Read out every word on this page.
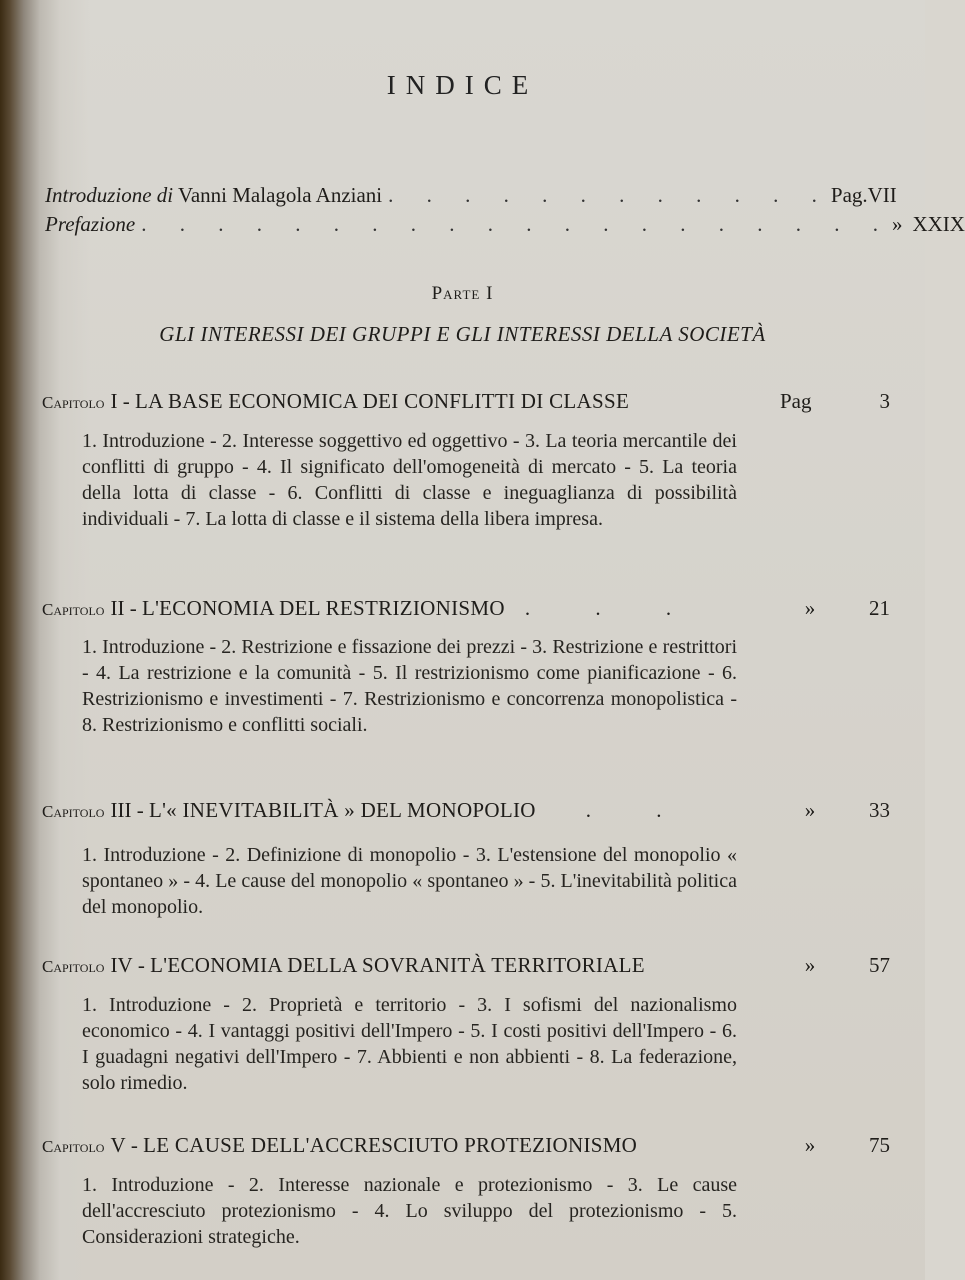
INDICE
Introduzione di Vanni Malagola Anziani . . . . . . . . . . . . Pag. VII
Prefazione . . . . . . . . . . . . . . . . . . . . » XXIX
Parte I
GLI INTERESSI DEI GRUPPI E GLI INTERESSI DELLA SOCIETÀ
Capitolo I - LA BASE ECONOMICA DEI CONFLITTI DI CLASSE	Pag	3
1. Introduzione - 2. Interesse soggettivo ed oggettivo - 3. La teoria mercantile dei conflitti di gruppo - 4. Il significato dell'omogeneità di mercato - 5. La teoria della lotta di classe - 6. Conflitti di classe e ineguaglianza di possibilità individuali - 7. La lotta di classe e il sistema della libera impresa.
Capitolo II - L'ECONOMIA DEL RESTRIZIONISMO . . .	»	21
1. Introduzione - 2. Restrizione e fissazione dei prezzi - 3. Restrizione e restrittori - 4. La restrizione e la comunità - 5. Il restrizionismo come pianificazione - 6. Restrizionismo e investimenti - 7. Restrizionismo e concorrenza monopolistica - 8. Restrizionismo e conflitti sociali.
Capitolo III - L'« INEVITABILITÀ » DEL MONOPOLIO	. .	»	33
1. Introduzione - 2. Definizione di monopolio - 3. L'estensione del monopolio « spontaneo » - 4. Le cause del monopolio « spontaneo » - 5. L'inevitabilità politica del monopolio.
Capitolo IV - L'ECONOMIA DELLA SOVRANITÀ TERRITORIALE	»	57
1. Introduzione - 2. Proprietà e territorio - 3. I sofismi del nazionalismo economico - 4. I vantaggi positivi dell'Impero - 5. I costi positivi dell'Impero - 6. I guadagni negativi dell'Impero - 7. Abbienti e non abbienti - 8. La federazione, solo rimedio.
Capitolo V - LE CAUSE DELL'ACCRESCIUTO PROTEZIONISMO	»	75
1. Introduzione - 2. Interesse nazionale e protezionismo - 3. Le cause dell'accresciuto protezionismo - 4. Lo sviluppo del protezionismo - 5. Considerazioni strategiche.
